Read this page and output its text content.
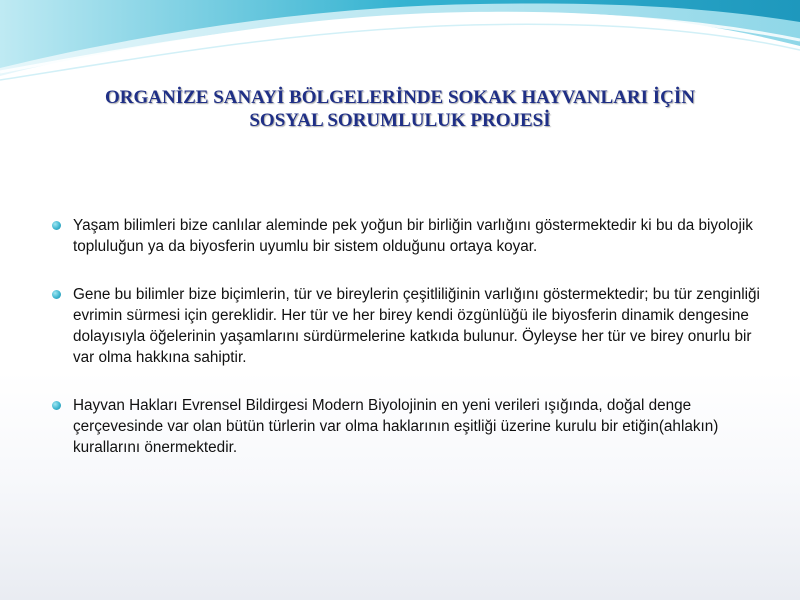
ORGANİZE SANAYİ BÖLGELERİNDE SOKAK HAYVANLARI İÇİN
SOSYAL SORUMLULUK PROJESİ
Yaşam bilimleri bize canlılar aleminde pek yoğun bir birliğin varlığını göstermektedir ki bu da biyolojik topluluğun ya da biyosferin uyumlu bir sistem olduğunu ortaya koyar.
Gene bu bilimler bize biçimlerin, tür ve bireylerin çeşitliliğinin varlığını göstermektedir; bu tür zenginliği evrimin sürmesi için gereklidir. Her tür ve her birey kendi özgünlüğü ile biyosferin dinamik dengesine dolayısıyla öğelerinin yaşamlarını sürdürmelerine katkıda bulunur. Öyleyse her tür ve birey onurlu bir var olma hakkına sahiptir.
Hayvan Hakları Evrensel Bildirgesi Modern Biyolojinin en yeni verileri ışığında, doğal denge çerçevesinde var olan bütün türlerin var olma haklarının eşitliği üzerine kurulu bir etiğin(ahlakın) kurallarını önermektedir.
